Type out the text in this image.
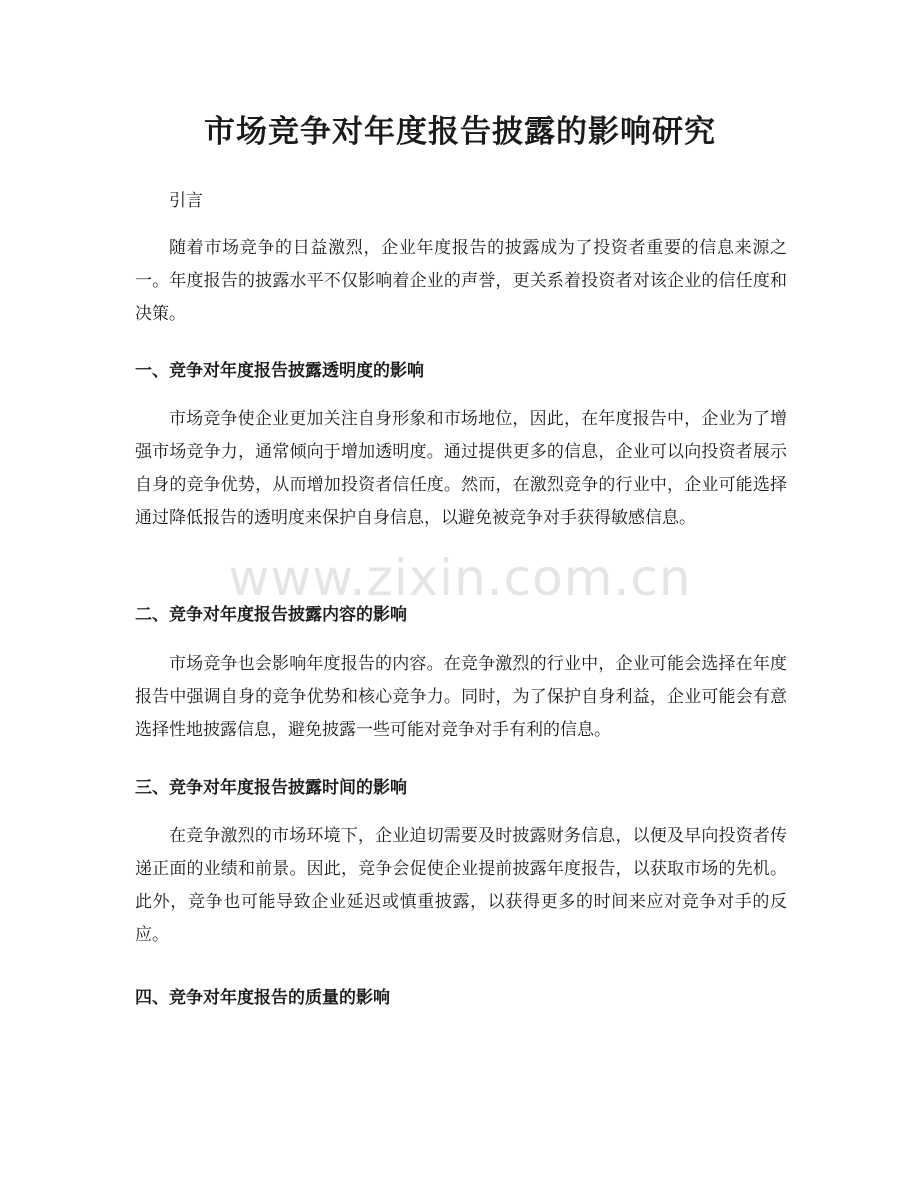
市场竞争对年度报告披露的影响研究

引言

随着市场竞争的日益激烈，企业年度报告的披露成为了投资者重要的信息来源之一。年度报告的披露水平不仅影响着企业的声誉，更关系着投资者对该企业的信任度和决策。

一、竞争对年度报告披露透明度的影响

市场竞争使企业更加关注自身形象和市场地位，因此，在年度报告中，企业为了增强市场竞争力，通常倾向于增加透明度。通过提供更多的信息，企业可以向投资者展示自身的竞争优势，从而增加投资者信任度。然而，在激烈竞争的行业中，企业可能选择通过降低报告的透明度来保护自身信息，以避免被竞争对手获得敏感信息。

二、竞争对年度报告披露内容的影响

市场竞争也会影响年度报告的内容。在竞争激烈的行业中，企业可能会选择在年度报告中强调自身的竞争优势和核心竞争力。同时，为了保护自身利益，企业可能会有意选择性地披露信息，避免披露一些可能对竞争对手有利的信息。

三、竞争对年度报告披露时间的影响

在竞争激烈的市场环境下，企业迫切需要及时披露财务信息，以便及早向投资者传递正面的业绩和前景。因此，竞争会促使企业提前披露年度报告，以获取市场的先机。此外，竞争也可能导致企业延迟或慎重披露，以获得更多的时间来应对竞争对手的反应。

四、竞争对年度报告的质量的影响

www.zixin.com.cn
